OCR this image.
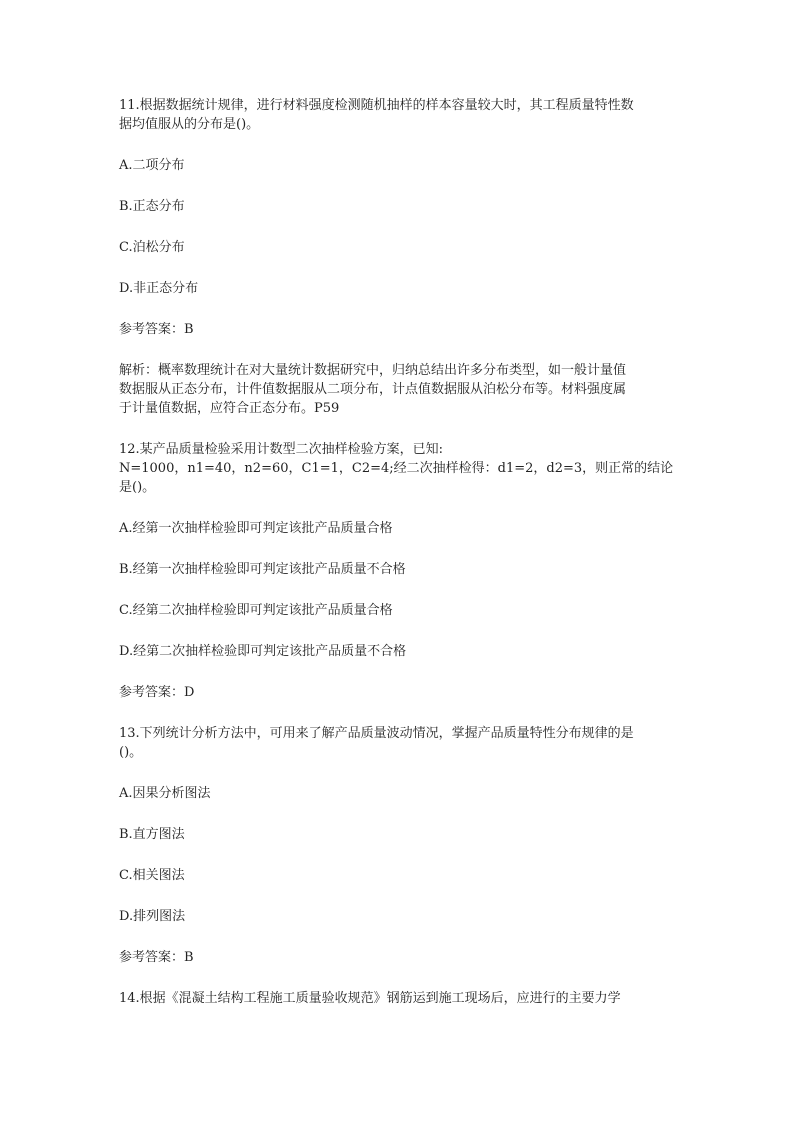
11.根据数据统计规律，进行材料强度检测随机抽样的样本容量较大时，其工程质量特性数
据均值服从的分布是()。

A.二项分布

B.正态分布

C.泊松分布

D.非正态分布

参考答案：B

解析：概率数理统计在对大量统计数据研究中，归纳总结出许多分布类型，如一般计量值
数据服从正态分布，计件值数据服从二项分布，计点值数据服从泊松分布等。材料强度属
于计量值数据，应符合正态分布。P59

12.某产品质量检验采用计数型二次抽样检验方案，已知:
N=1000，n1=40，n2=60，C1=1，C2=4;经二次抽样检得：d1=2，d2=3，则正常的结论是()。

A.经第一次抽样检验即可判定该批产品质量合格

B.经第一次抽样检验即可判定该批产品质量不合格

C.经第二次抽样检验即可判定该批产品质量合格

D.经第二次抽样检验即可判定该批产品质量不合格

参考答案：D

13.下列统计分析方法中，可用来了解产品质量波动情况，掌握产品质量特性分布规律的是
()。

A.因果分析图法

B.直方图法

C.相关图法

D.排列图法

参考答案：B

14.根据《混凝土结构工程施工质量验收规范》钢筋运到施工现场后，应进行的主要力学
